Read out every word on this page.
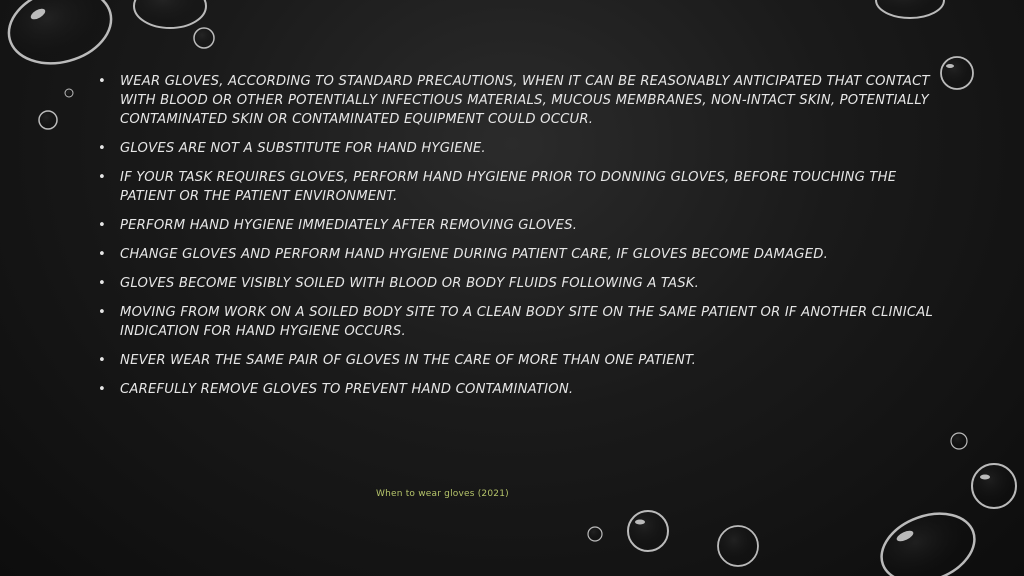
• WEAR GLOVES, ACCORDING TO STANDARD PRECAUTIONS, WHEN IT CAN BE REASONABLY ANTICIPATED THAT CONTACT WITH BLOOD OR OTHER POTENTIALLY INFECTIOUS MATERIALS, MUCOUS MEMBRANES, NON-INTACT SKIN, POTENTIALLY CONTAMINATED SKIN OR CONTAMINATED EQUIPMENT COULD OCCUR.
• GLOVES ARE NOT A SUBSTITUTE FOR HAND HYGIENE.
• IF YOUR TASK REQUIRES GLOVES, PERFORM HAND HYGIENE PRIOR TO DONNING GLOVES, BEFORE TOUCHING THE PATIENT OR THE PATIENT ENVIRONMENT.
• PERFORM HAND HYGIENE IMMEDIATELY AFTER REMOVING GLOVES.
• CHANGE GLOVES AND PERFORM HAND HYGIENE DURING PATIENT CARE, IF GLOVES BECOME DAMAGED.
• GLOVES BECOME VISIBLY SOILED WITH BLOOD OR BODY FLUIDS FOLLOWING A TASK.
• MOVING FROM WORK ON A SOILED BODY SITE TO A CLEAN BODY SITE ON THE SAME PATIENT OR IF ANOTHER CLINICAL INDICATION FOR HAND HYGIENE OCCURS.
• NEVER WEAR THE SAME PAIR OF GLOVES IN THE CARE OF MORE THAN ONE PATIENT.
• CAREFULLY REMOVE GLOVES TO PREVENT HAND CONTAMINATION.
When to wear gloves (2021)
